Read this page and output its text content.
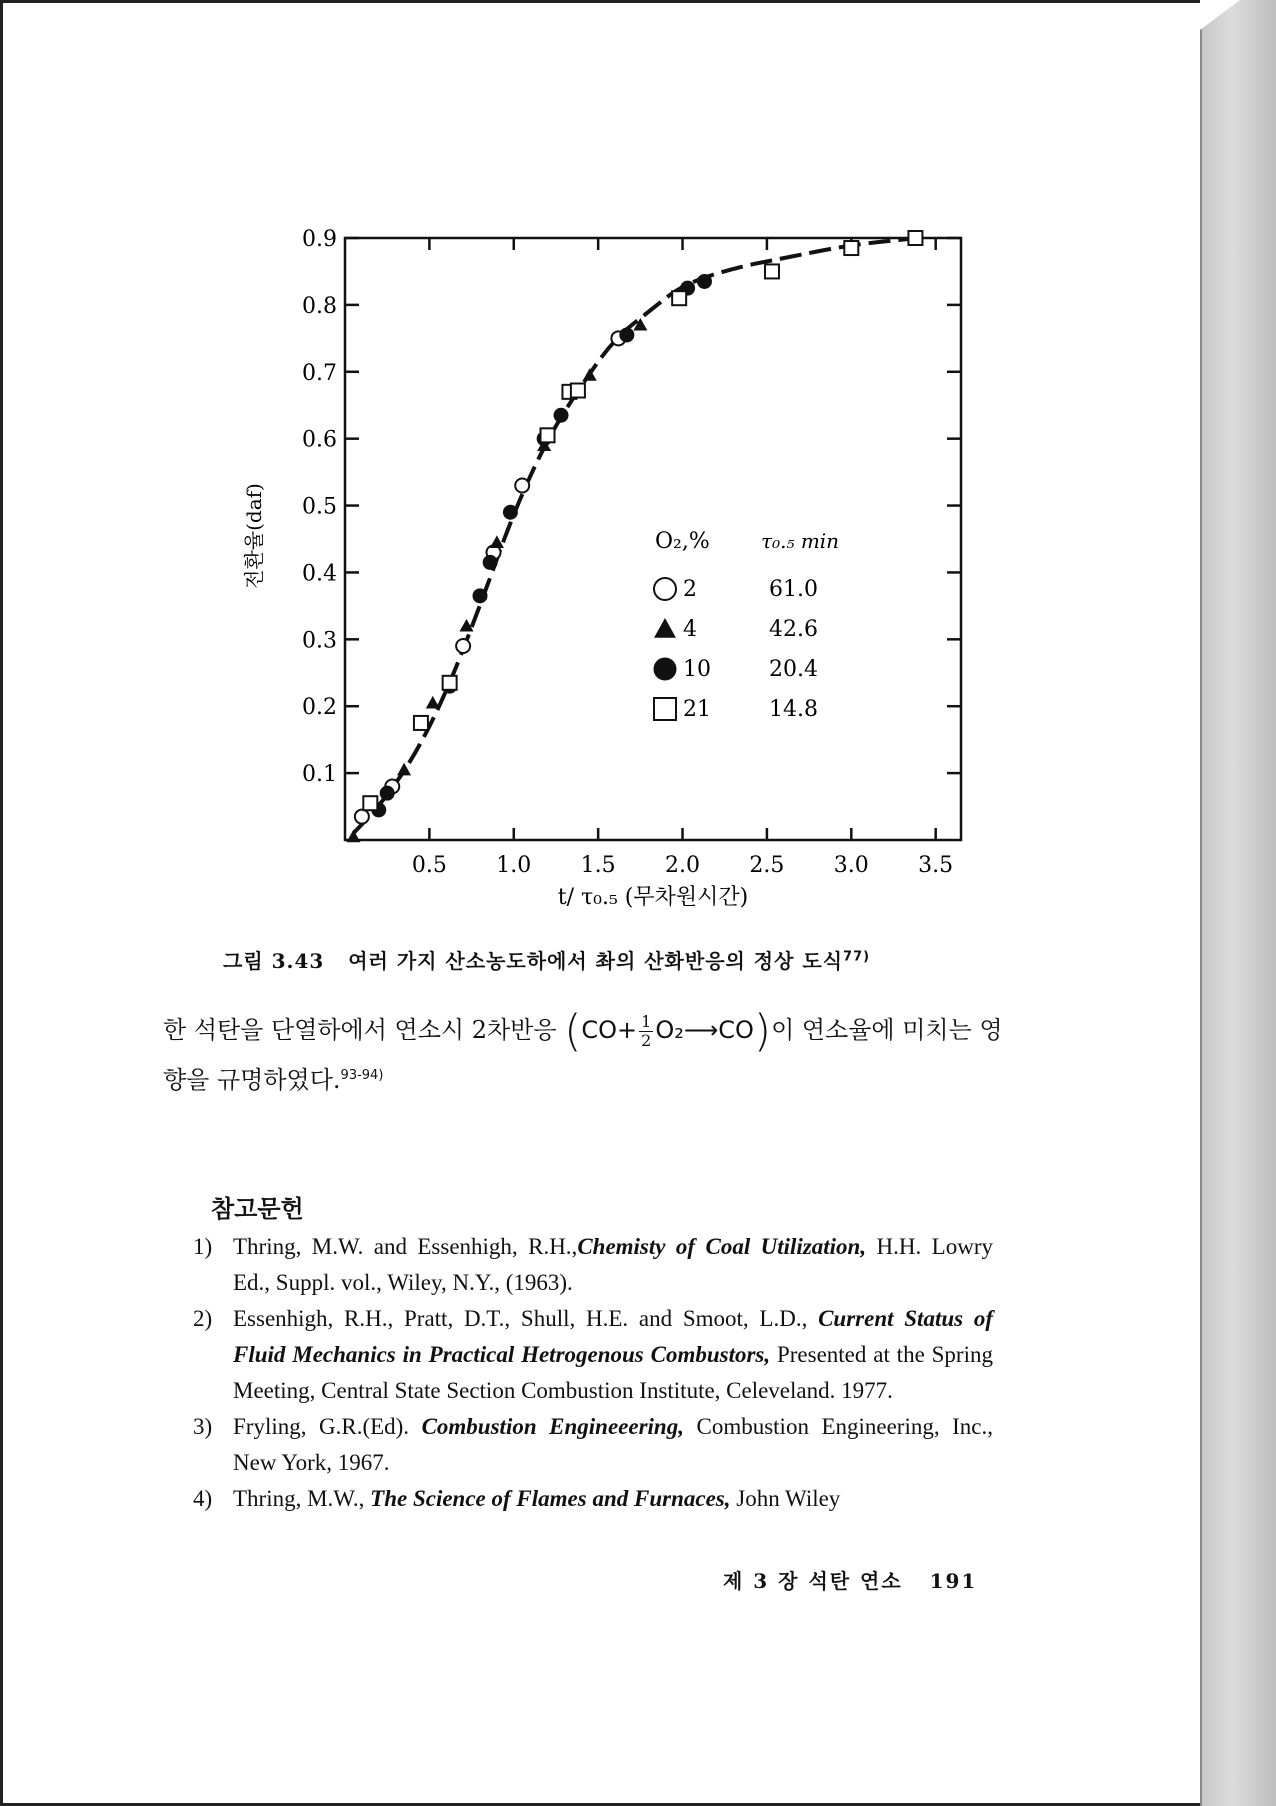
0.5 1.0 1.5 2.0 2.5 3.0 3.5
0.1
0.2
0.3
0.4
0.5
0.6
0.7
0.8
0.9
t/ τ₀.₅ (무차원시간)
전환율(daf)	O₂,%	τ₀.₅ min
2	61.0
4	42.6
10	20.4
21	14.8
그림 3.43 여러 가지 산소농도하에서 촤의 산화반응의 정상 도식$^{77)}$
한 석탄을 단열하에서 연소시 2차반응 ($CO+ \frac{1}{2}$ O₂⟶CO)이 연소율에 미치는 영향을 규명하였다.$^{93-94)}$
참고문헌
1) Thring, M.W. and Essenhigh, R.H.,Chemisty of Coal Utilization, H.H. Lowry Ed., Suppl. vol., Wiley, N.Y., (1963).
2) Essenhigh, R.H., Pratt, D.T., Shull, H.E. and Smoot, L.D., Current Status of Fluid Mechanics in Practical Hetrogenous Combustors, Presented at the Spring Meeting, Central State Section Combustion Institute, Celeveland. 1977.
3) Fryling, G.R.(Ed). Combustion Engineeering, Combustion Engineering, Inc., New York, 1967.
4) Thring, M.W., The Science of Flames and Furnaces, John Wiley
제 3 장 석탄 연소 191
